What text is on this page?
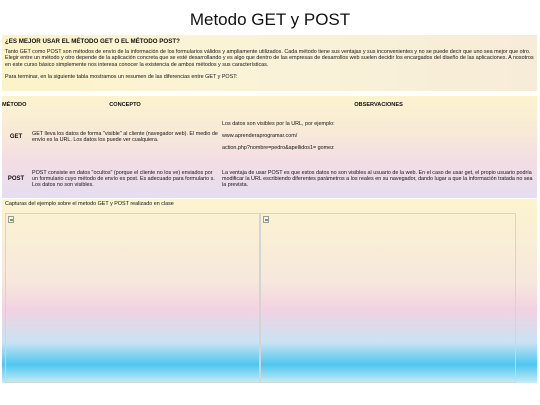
Metodo GET y POST
¿ES MEJOR USAR EL MÉTODO GET O EL MÉTODO POST?
Tanto GET como POST son métodos de envío de la información de los formularios válidos y ampliamente utilizados. Cada método tiene sus ventajas y sus inconvenientes y no se puede decir que uno sea mejor que otro. Elegir entre un método y otro depende de la aplicación concreta que se esté desarrollando y es algo que dentro de las empresas de desarrollos web suelen decidir los encargados del diseño de las aplicaciones. A nosotros en este curso básico simplemente nos interesa conocer la existencia de ambos métodos y sus características.
Para terminar, en la siguiente tabla mostramos un resumen de las diferencias entre GET y POST:
MÉTODO	CONCEPTO	OBSERVACIONES
GET	GET lleva los datos de forma "visible" al cliente (navegador web). El medio de envío es la URL. Los datos los puede ver cualquiera.	Los datos son visibles por la URL, por ejemplo:
www.aprenderaprogramar.com/
action.php?nombre=pedro&apellidos1= gomez

POST	POST consiste en datos "ocultos" (porque el cliente no los ve) enviados por un formulario cuyo método de envío es post. Es adecuado para formulario s. Los datos no son visibles.	La ventaja de usar POST es que estos datos no son visibles al usuario de la web. En el caso de usar get, el propio usuario podría modificar la URL escribiendo diferentes parámetros a los reales en su navegador, dando lugar a que la información tratada no sea la prevista.
Capturas del ejemplo sobre el metodo GET y POST realizado en clase
